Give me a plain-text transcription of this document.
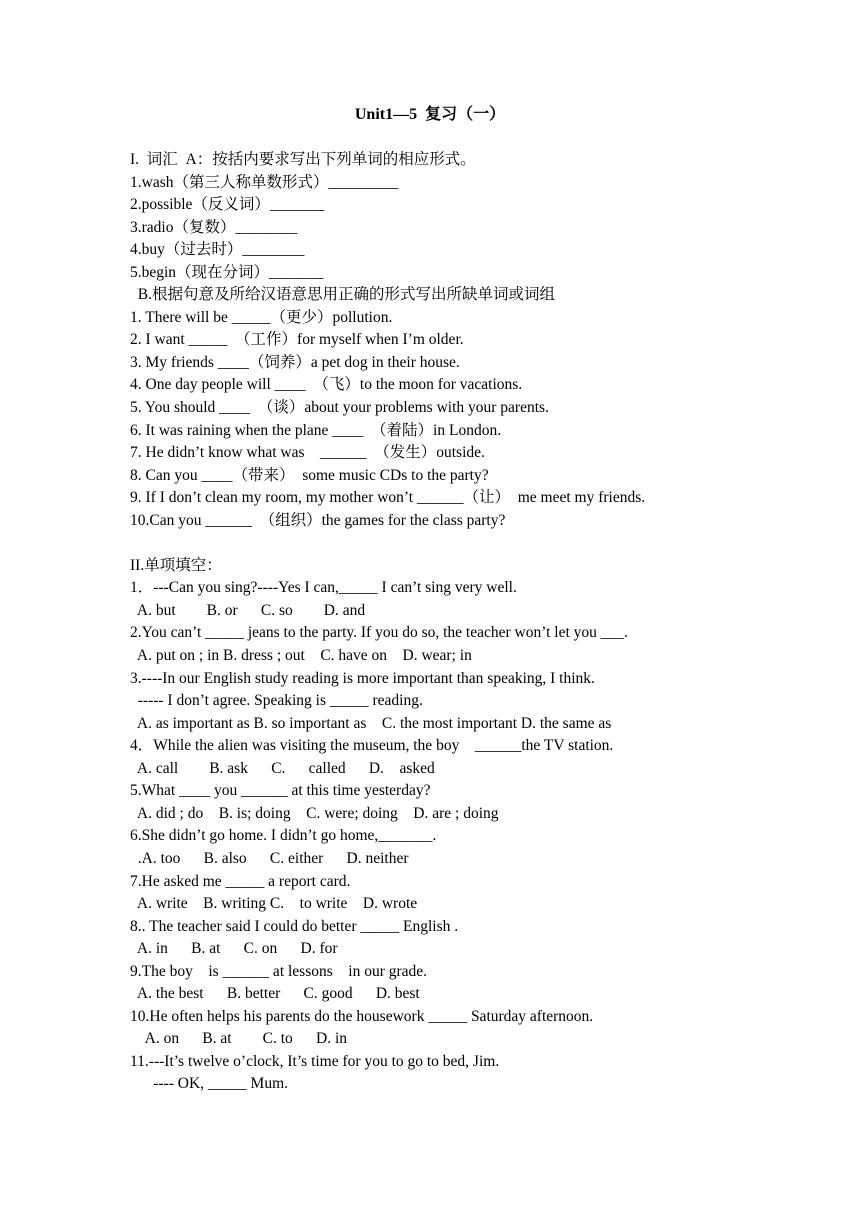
Unit1—5  复习（一）
I.  词汇  A：按括内要求写出下列单词的相应形式。
1.wash（第三人称单数形式）_________
2.possible（反义词）_______
3.radio（复数）________
4.buy（过去时）________
5.begin（现在分词）_______
B.根据句意及所给汉语意思用正确的形式写出所缺单词或词组
1. There will be _____（更少）pollution.
2. I want _____  （工作）for myself when I’m older.
3. My friends ____（饲养）a pet dog in their house.
4. One day people will ____  （飞）to the moon for vacations.
5. You should ____  （谈）about your problems with your parents.
6. It was raining when the plane ____  （着陆）in London.
7. He didn’t know what was    ______  （发生）outside.
8. Can you ____（带来）  some music CDs to the party?
9. If I don’t clean my room, my mother won’t ______（让）  me meet my friends.
10.Can you ______  （组织）the games for the class party?
II.单项填空：
1．---Can you sing?----Yes I can,_____ I can’t sing very well.
A. but        B. or      C. so        D. and
2.You can’t _____ jeans to the party. If you do so, the teacher won’t let you ___.
A. put on ; in B. dress ; out    C. have on    D. wear; in
3.----In our English study reading is more important than speaking, I think.
----- I don’t agree. Speaking is _____ reading.
A. as important as B. so important as    C. the most important D. the same as
4．While the alien was visiting the museum, the boy    ______the TV station.
A. call        B. ask      C.      called      D.    asked
5.What ____ you ______ at this time yesterday?
A. did ; do    B. is; doing    C. were; doing    D. are ; doing
6.She didn’t go home. I didn’t go home,_______.
.A. too      B. also      C. either      D. neither
7.He asked me _____ a report card.
A. write    B. writing C.    to write    D. wrote
8.. The teacher said I could do better _____ English .
A. in      B. at      C. on      D. for
9.The boy    is ______ at lessons    in our grade.
A. the best      B. better      C. good      D. best
10.He often helps his parents do the housework _____ Saturday afternoon.
A. on      B. at        C. to      D. in
11.---It’s twelve o’clock, It’s time for you to go to bed, Jim.
---- OK, _____ Mum.
